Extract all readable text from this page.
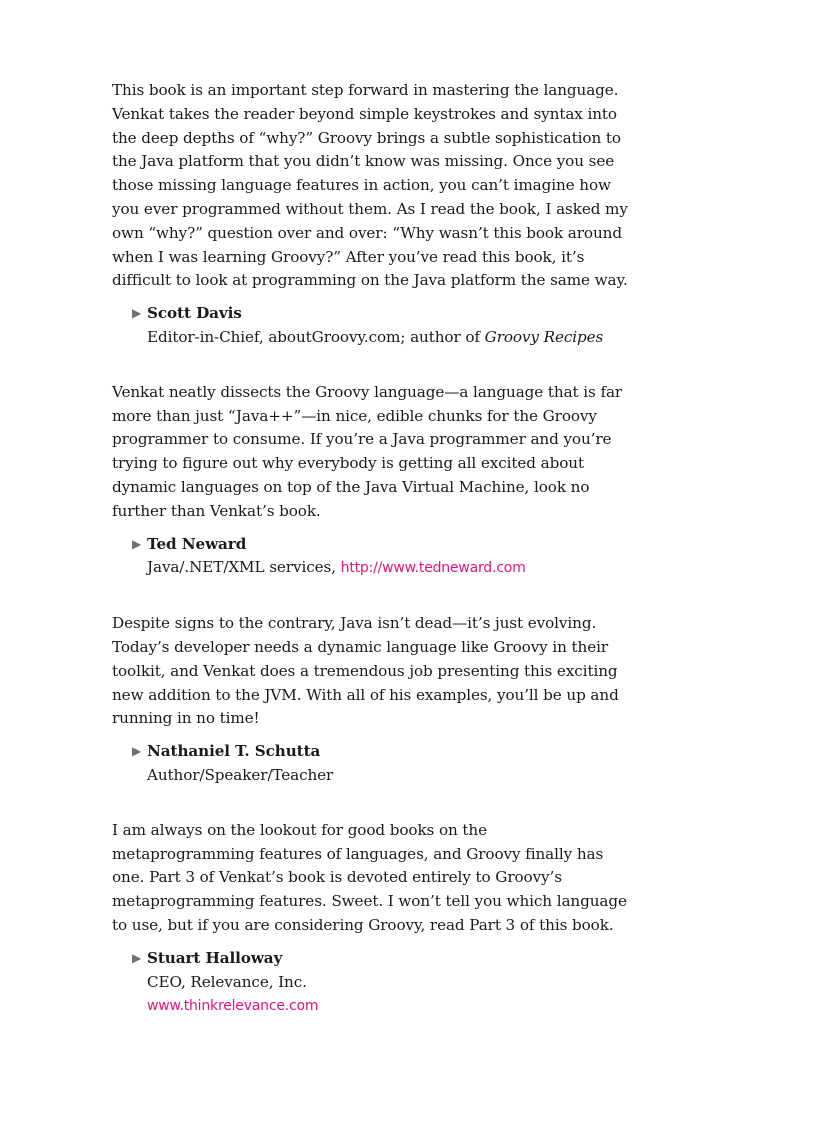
This book is an important step forward in mastering the language. Venkat takes the reader beyond simple keystrokes and syntax into the deep depths of “why?” Groovy brings a subtle sophistication to the Java platform that you didn’t know was missing. Once you see those missing language features in action, you can’t imagine how you ever programmed without them. As I read the book, I asked my own “why?” question over and over: “Why wasn’t this book around when I was learning Groovy?” After you’ve read this book, it’s difficult to look at programming on the Java platform the same way.

▶ Scott Davis
Editor-in-Chief, aboutGroovy.com; author of Groovy Recipes

Venkat neatly dissects the Groovy language—a language that is far more than just “Java++”—in nice, edible chunks for the Groovy programmer to consume. If you’re a Java programmer and you’re trying to figure out why everybody is getting all excited about dynamic languages on top of the Java Virtual Machine, look no further than Venkat’s book.

▶ Ted Neward
Java/.NET/XML services, http://www.tedneward.com

Despite signs to the contrary, Java isn’t dead—it’s just evolving. Today’s developer needs a dynamic language like Groovy in their toolkit, and Venkat does a tremendous job presenting this exciting new addition to the JVM. With all of his examples, you’ll be up and running in no time!

▶ Nathaniel T. Schutta
Author/Speaker/Teacher

I am always on the lookout for good books on the metaprogramming features of languages, and Groovy finally has one. Part 3 of Venkat’s book is devoted entirely to Groovy’s metaprogramming features. Sweet. I won’t tell you which language to use, but if you are considering Groovy, read Part 3 of this book.

▶ Stuart Halloway
CEO, Relevance, Inc.
www.thinkrelevance.com
